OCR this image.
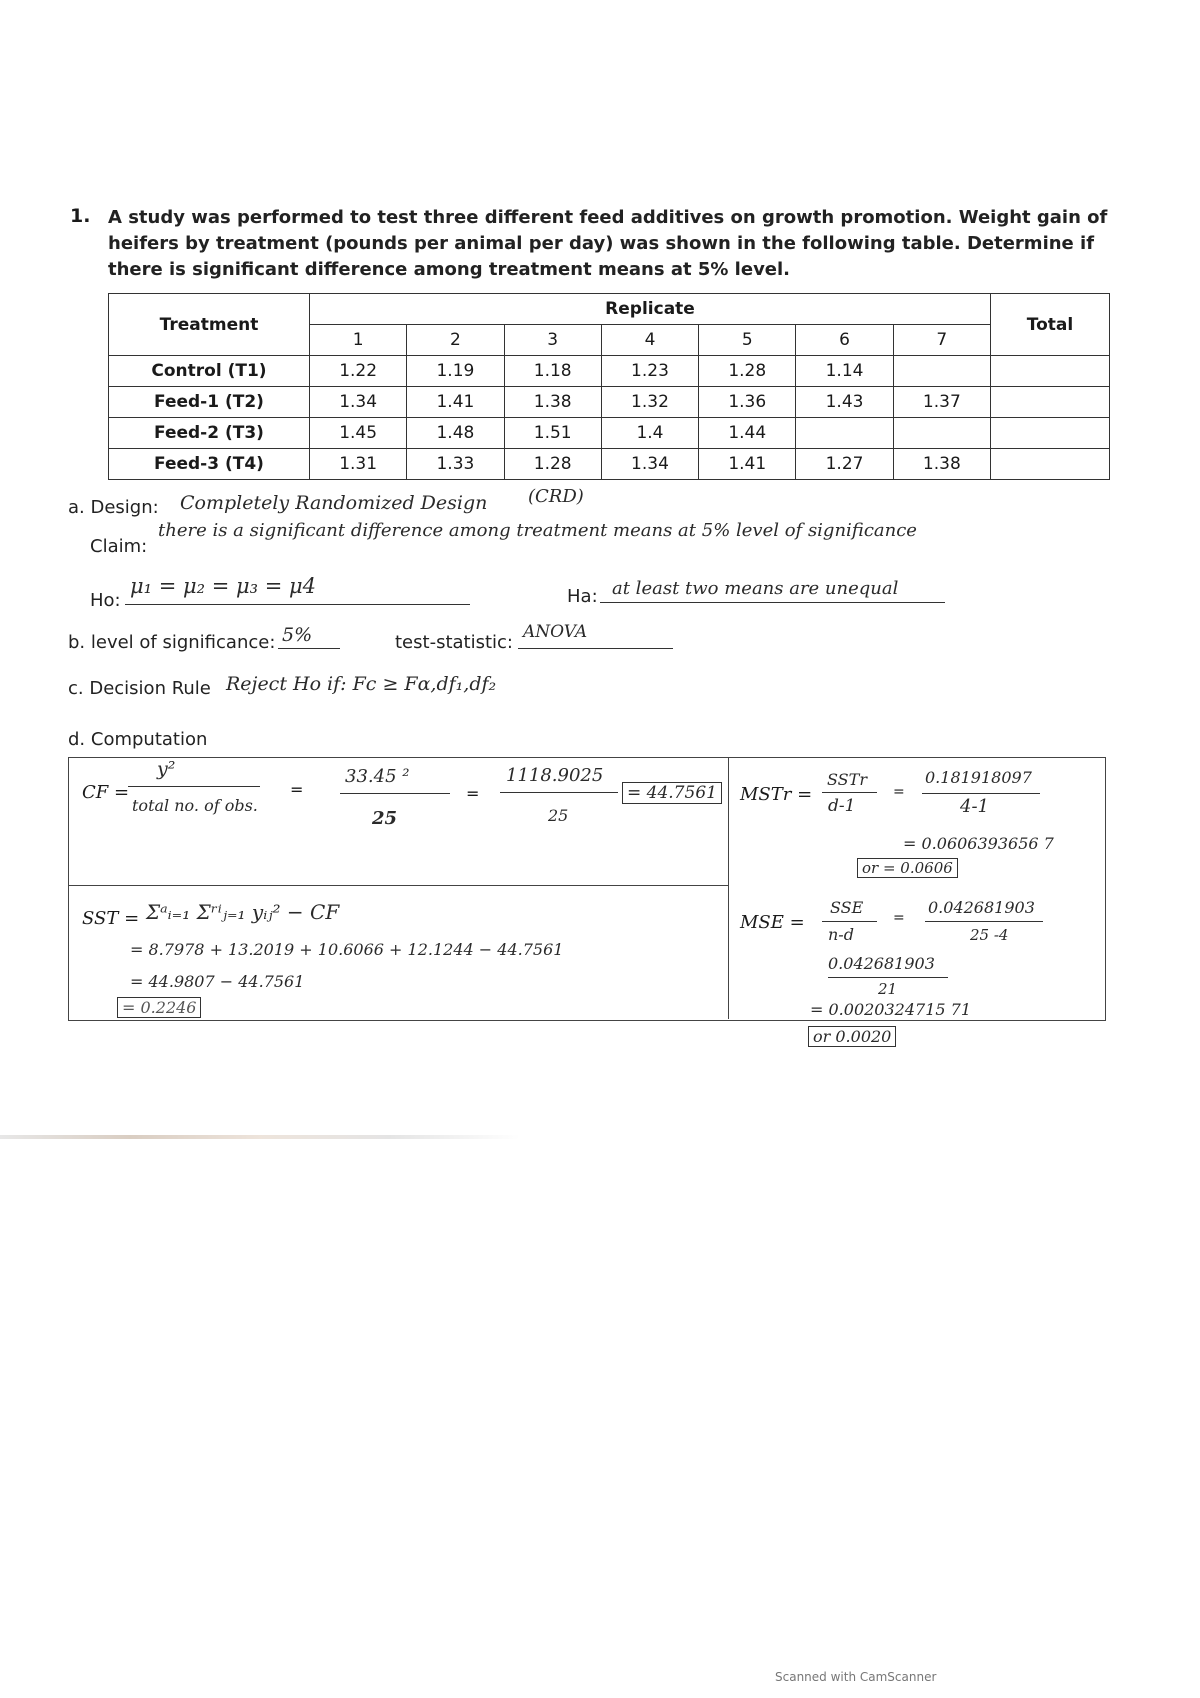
1. A study was performed to test three different feed additives on growth promotion. Weight gain of heifers by treatment (pounds per animal per day) was shown in the following table. Determine if there is significant difference among treatment means at 5% level.
Treatment	Replicate							Total
	1	2	3	4	5	6	7	
Control (T1)	1.22	1.19	1.18	1.23	1.28	1.14		
Feed-1 (T2)	1.34	1.41	1.38	1.32	1.36	1.43	1.37	
Feed-2 (T3)	1.45	1.48	1.51	1.4	1.44			
Feed-3 (T4)	1.31	1.33	1.28	1.34	1.41	1.27	1.38	
a. Design: Completely Randomized Design (CRD)
Claim:
there is a significant difference among treatment means at 5% level of significance
Ho:
μ₁ = μ₂ = μ₃ = μ4	Ha: at least two means are unequal
b. level of significance: 5%	test-statistic: ANOVA
c. Decision Rule Reject Ho if: Fc ≥ Fα,df₁,df₂
d. Computation
CF =
y²
total no. of obs.
=
33.45 ²
25
=
1118.9025
25
= 44.7561 MSTr =
SSTr
d-1
=
0.181918097
4-1
= 0.0606393656 7
or = 0.0606
SST = Σᵃᵢ₌₁ Σʳⁱⱼ₌₁ yᵢⱼ² − CF
= 8.7978 + 13.2019 + 10.6066 + 12.1244 − 44.7561
= 44.9807 − 44.7561
= 0.2246
MSE =
SSE
n-d
=
0.042681903
25 -4
0.042681903
21
= 0.0020324715 71
or 0.0020
Scanned with CamScanner
